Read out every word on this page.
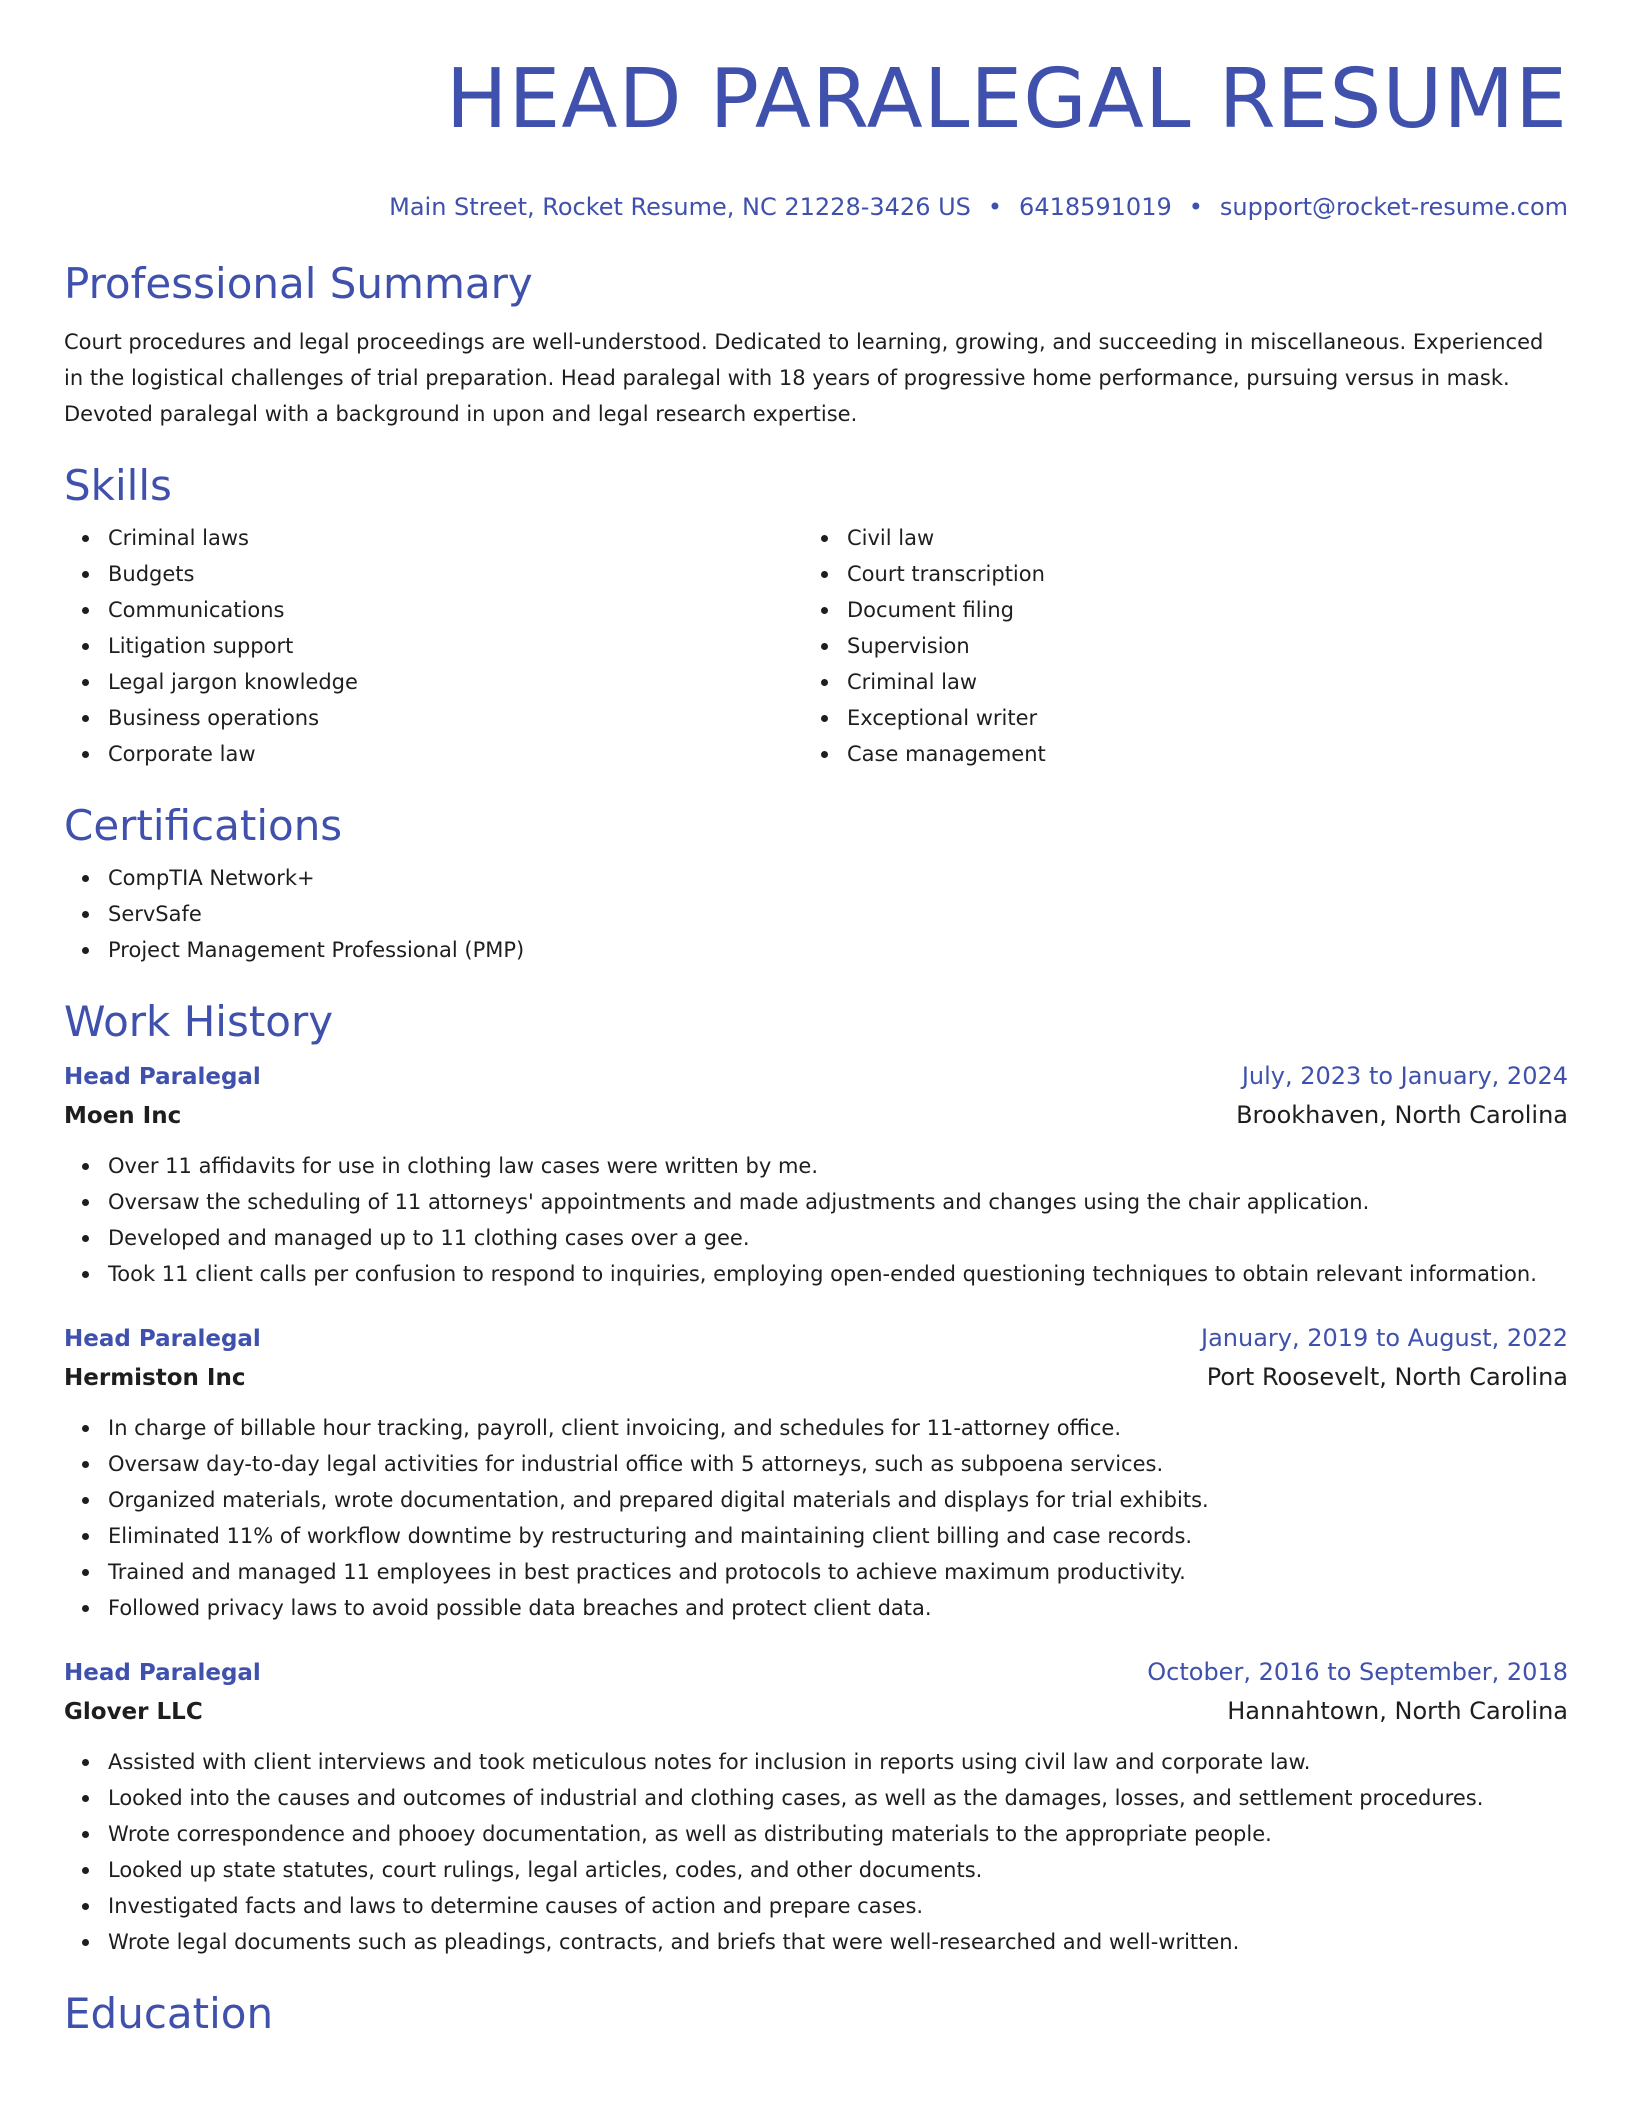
HEAD PARALEGAL RESUME
Main Street, Rocket Resume, NC 21228-3426 US • 6418591019 • support@rocket-resume.com
Professional Summary

Court procedures and legal proceedings are well-understood. Dedicated to learning, growing, and succeeding in miscellaneous. Experienced in the logistical challenges of trial preparation. Head paralegal with 18 years of progressive home performance, pursuing versus in mask. Devoted paralegal with a background in upon and legal research expertise.

Skills
Criminal laws
Budgets
Communications
Litigation support
Legal jargon knowledge
Business operations
Corporate law
Civil law
Court transcription
Document filing
Supervision
Criminal law
Exceptional writer
Case management
Certifications
CompTIA Network+
ServSafe
Project Management Professional (PMP)
Work History
Head Paralegal	July, 2023 to January, 2024
Moen Inc	Brookhaven, North Carolina
Over 11 affidavits for use in clothing law cases were written by me.
Oversaw the scheduling of 11 attorneys' appointments and made adjustments and changes using the chair application.
Developed and managed up to 11 clothing cases over a gee.
Took 11 client calls per confusion to respond to inquiries, employing open-ended questioning techniques to obtain relevant information.
Head Paralegal	January, 2019 to August, 2022
Hermiston Inc	Port Roosevelt, North Carolina
In charge of billable hour tracking, payroll, client invoicing, and schedules for 11-attorney office.
Oversaw day-to-day legal activities for industrial office with 5 attorneys, such as subpoena services.
Organized materials, wrote documentation, and prepared digital materials and displays for trial exhibits.
Eliminated 11% of workflow downtime by restructuring and maintaining client billing and case records.
Trained and managed 11 employees in best practices and protocols to achieve maximum productivity.
Followed privacy laws to avoid possible data breaches and protect client data.
Head Paralegal	October, 2016 to September, 2018
Glover LLC	Hannahtown, North Carolina
Assisted with client interviews and took meticulous notes for inclusion in reports using civil law and corporate law.
Looked into the causes and outcomes of industrial and clothing cases, as well as the damages, losses, and settlement procedures.
Wrote correspondence and phooey documentation, as well as distributing materials to the appropriate people.
Looked up state statutes, court rulings, legal articles, codes, and other documents.
Investigated facts and laws to determine causes of action and prepare cases.
Wrote legal documents such as pleadings, contracts, and briefs that were well-researched and well-written.
Education
